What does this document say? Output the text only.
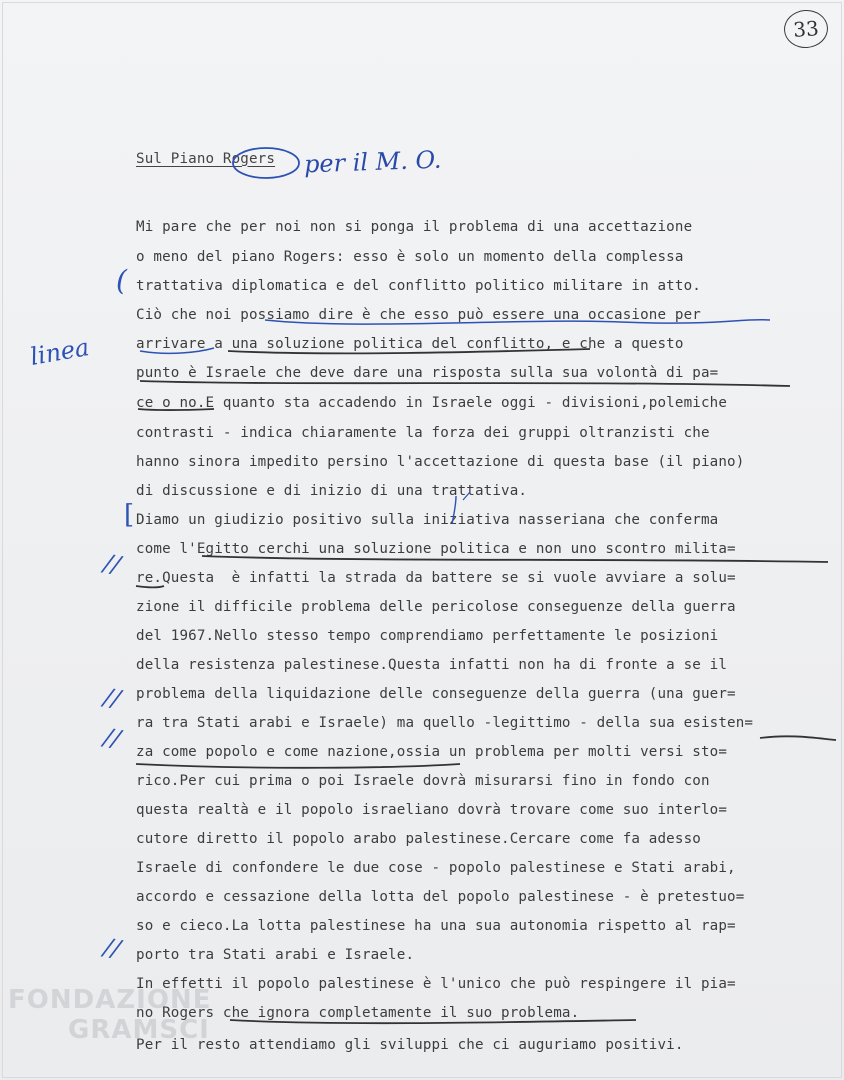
FONDAZIONE
GRAMSCI
33
Sul Piano Rogers per il M. O.
Mi pare che per noi non si ponga il problema di una accettazione
o meno del piano Rogers: esso è solo un momento della complessa
trattativa diplomatica e del conflitto politico militare in atto.
Ciò che noi possiamo dire è che esso può essere una occasione per
arrivare a una soluzione politica del conflitto, e che a questo
punto è Israele che deve dare una risposta sulla sua volontà di pa=
ce o no.E quanto sta accadendo in Israele oggi - divisioni,polemiche
contrasti - indica chiaramente la forza dei gruppi oltranzisti che
hanno sinora impedito persino l'accettazione di questa base (il piano)
di discussione e di inizio di una trattativa.
Diamo un giudizio positivo sulla iniziativa nasseriana che conferma
come l'Egitto cerchi una soluzione politica e non uno scontro milita=
re.Questa  è infatti la strada da battere se si vuole avviare a solu=
zione il difficile problema delle pericolose conseguenze della guerra
del 1967.Nello stesso tempo comprendiamo perfettamente le posizioni
della resistenza palestinese.Questa infatti non ha di fronte a se il
problema della liquidazione delle conseguenze della guerra (una guer=
ra tra Stati arabi e Israele) ma quello -legittimo - della sua esisten=
za come popolo e come nazione,ossia un problema per molti versi sto=
rico.Per cui prima o poi Israele dovrà misurarsi fino in fondo con
questa realtà e il popolo israeliano dovrà trovare come suo interlo=
cutore diretto il popolo arabo palestinese.Cercare come fa adesso
Israele di confondere le due cose - popolo palestinese e Stati arabi,
accordo e cessazione della lotta del popolo palestinese - è pretestuo=
so e cieco.La lotta palestinese ha una sua autonomia rispetto al rap=
porto tra Stati arabi e Israele.
In effetti il popolo palestinese è l'unico che può respingere il pia=
no Rogers che ignora completamente il suo problema.
Per il resto attendiamo gli sviluppi che ci auguriamo positivi.
linea
(
[
//
//
//
//
